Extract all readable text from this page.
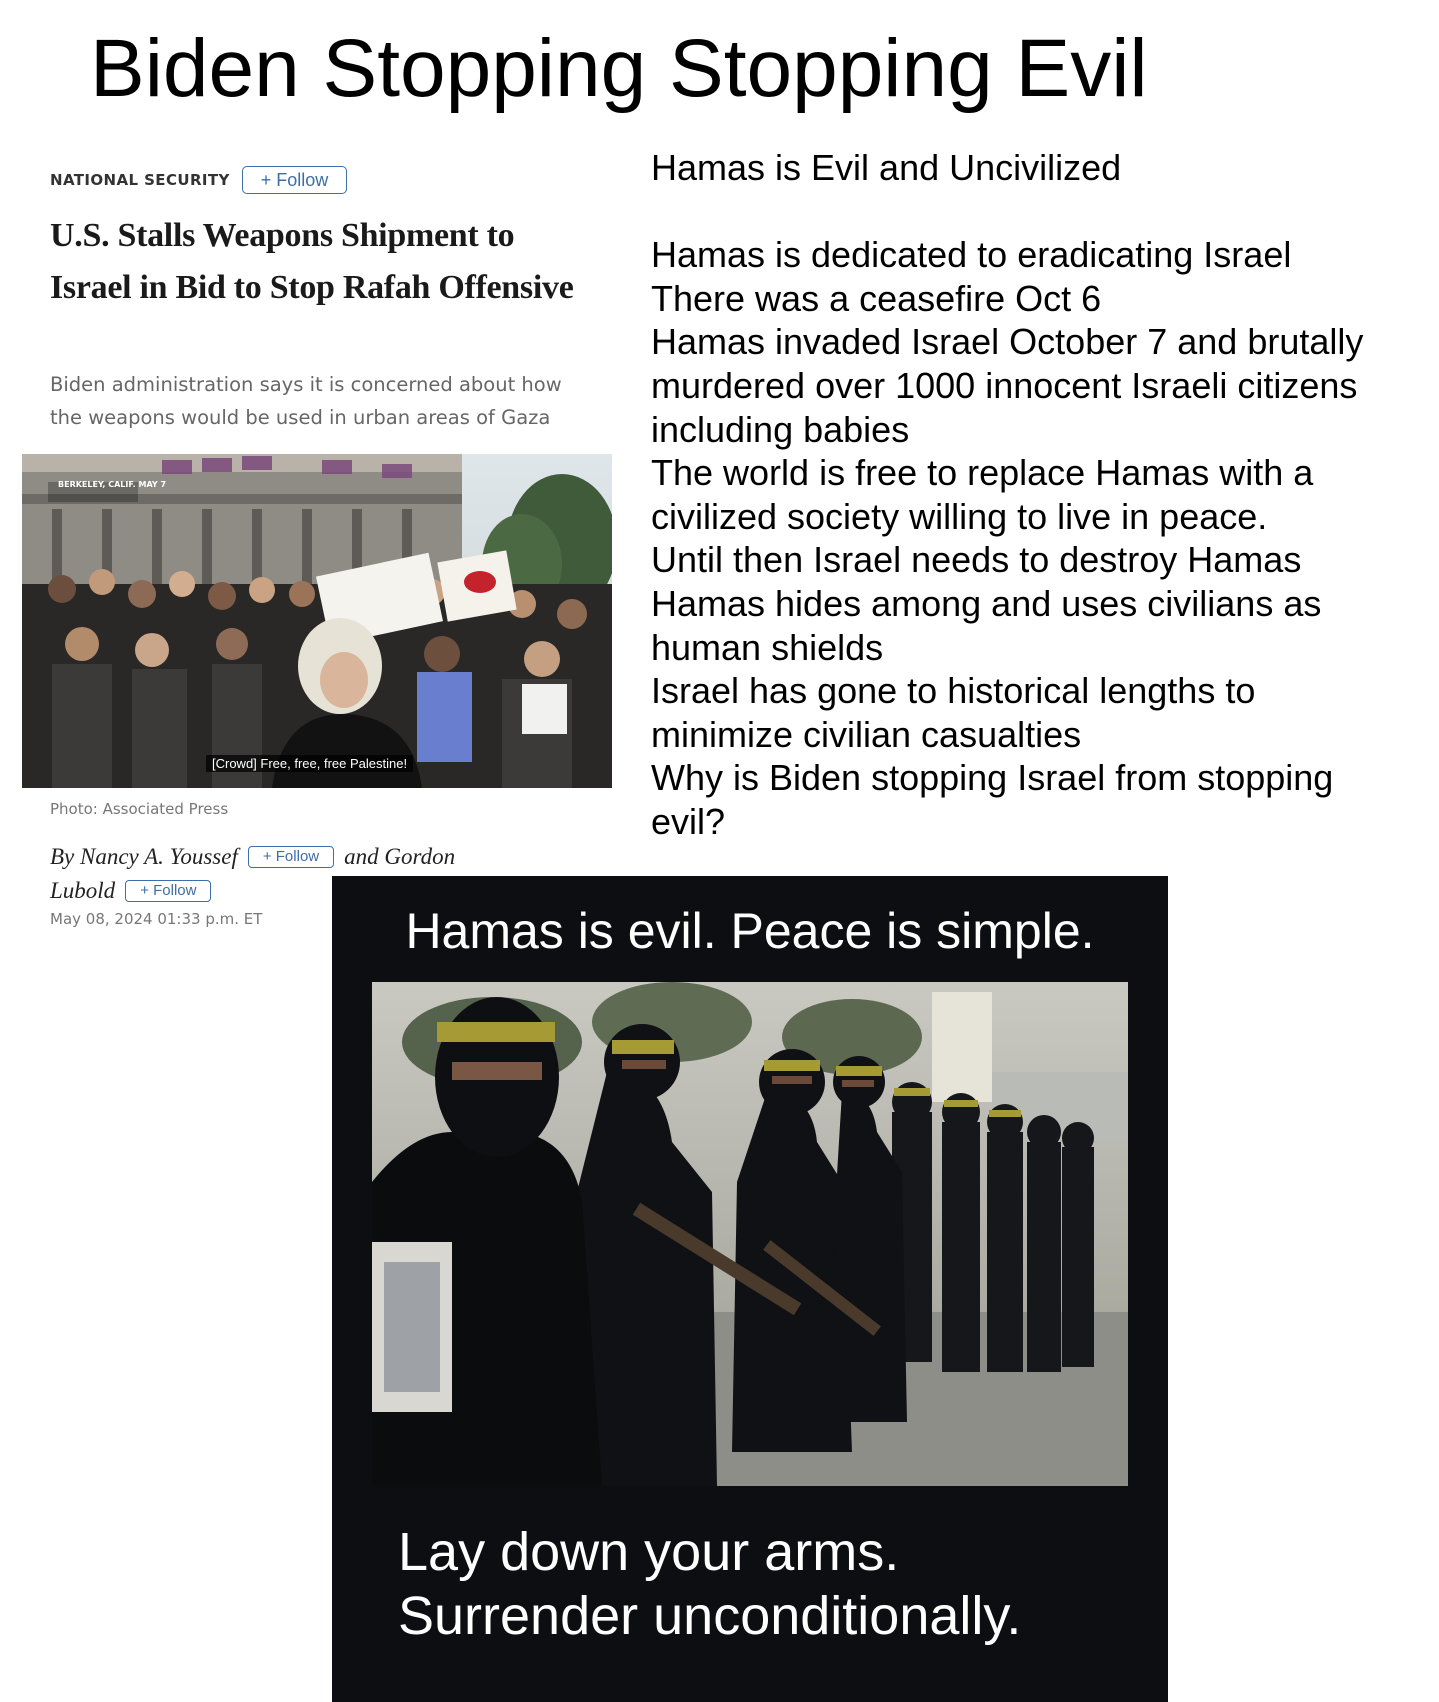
Biden Stopping Stopping Evil
NATIONAL SECURITY	+ Follow
U.S. Stalls Weapons Shipment to Israel in Bid to Stop Rafah Offensive

Biden administration says it is concerned about how the weapons would be used in urban areas of Gaza

BERKELEY, CALIF. MAY 7
[Crowd] Free, free, free Palestine!
Photo: Associated Press
By Nancy A. Youssef + Follow and Gordon
Lubold + Follow
May 08, 2024 01:33 p.m. ET
Hamas is Evil and Uncivilized
Hamas is dedicated to eradicating Israel
There was a ceasefire Oct 6
Hamas invaded Israel October 7 and brutally
murdered over 1000 innocent Israeli citizens
including babies
The world is free to replace Hamas with a
civilized society willing to live in peace.
Until then Israel needs to destroy Hamas
Hamas hides among and uses civilians as
human shields
Israel has gone to historical lengths to
minimize civilian casualties
Why is Biden stopping Israel from stopping
evil?
Hamas is evil. Peace is simple.
Lay down your arms.
Surrender unconditionally.
